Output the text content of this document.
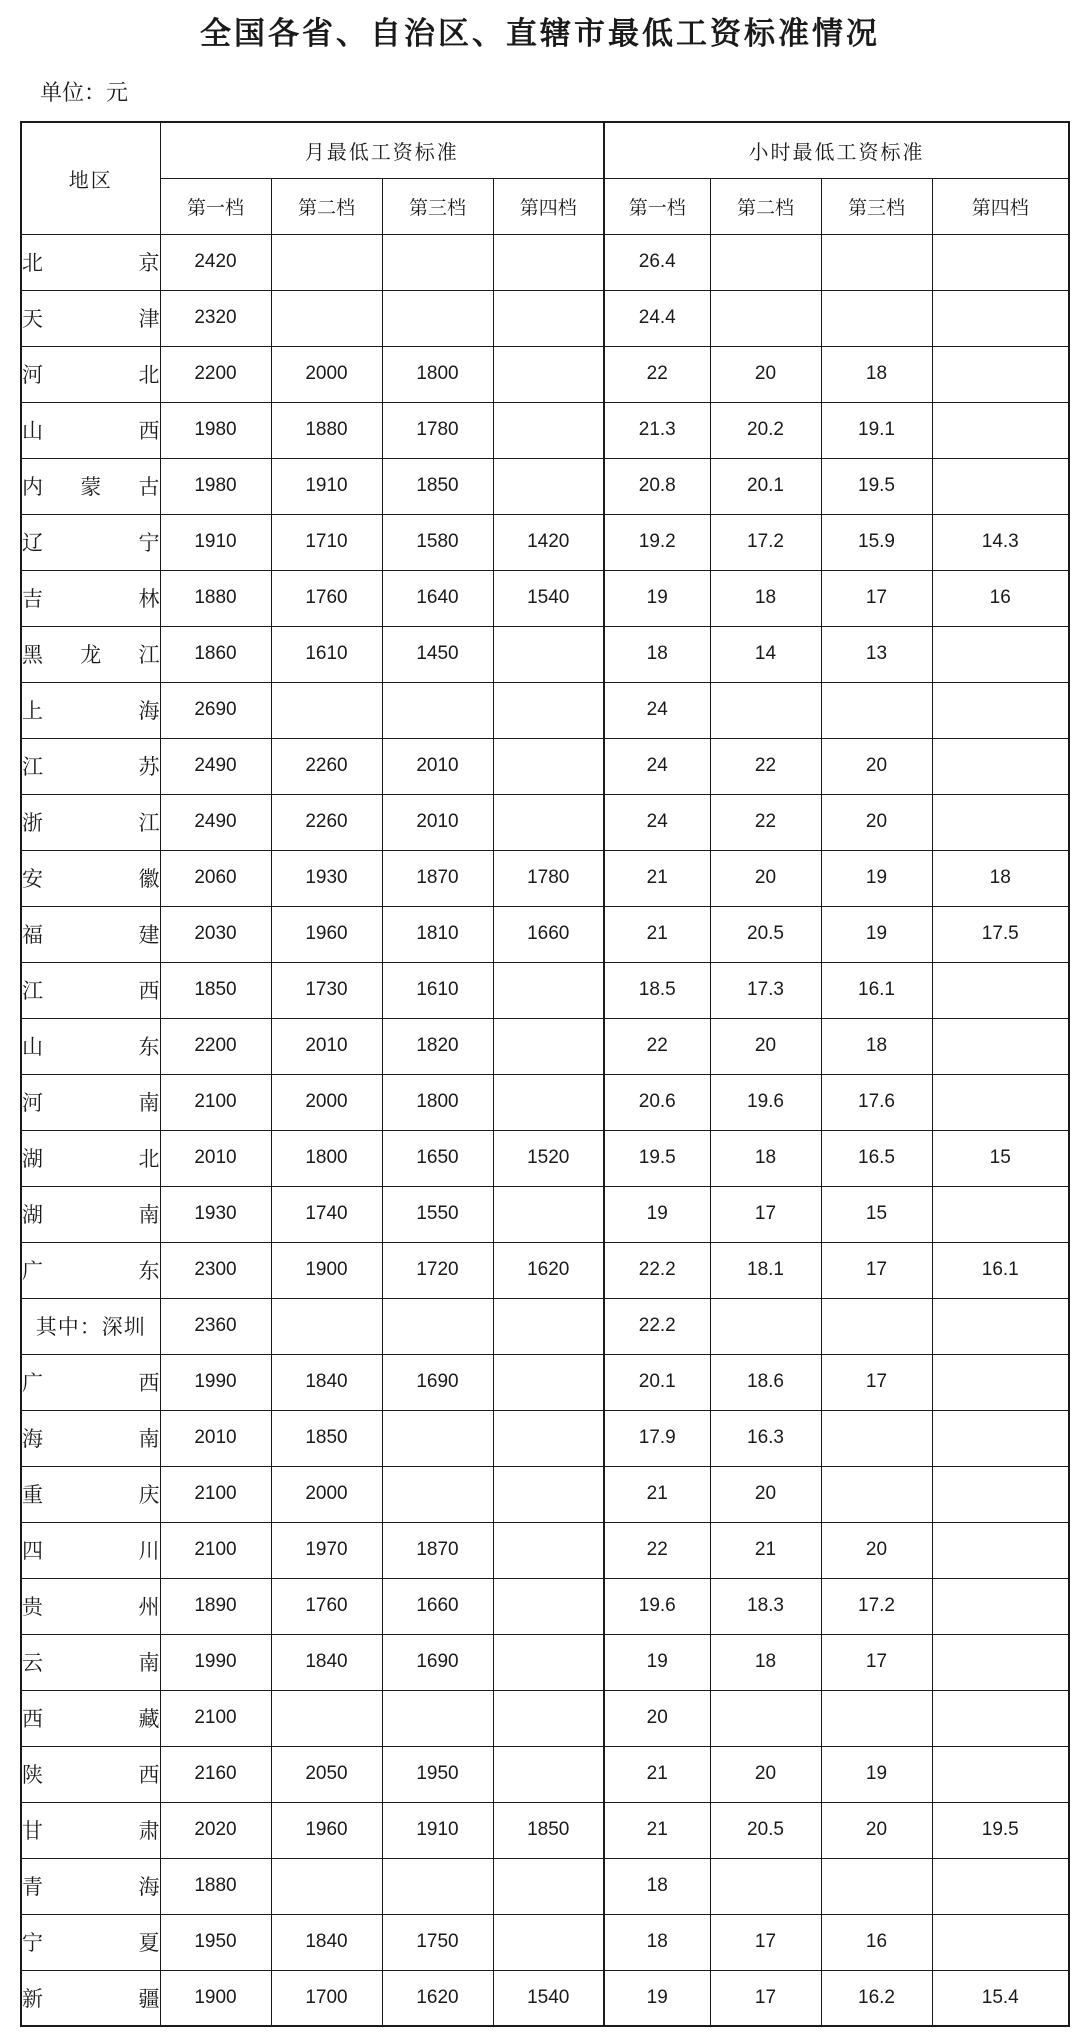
全国各省、自治区、直辖市最低工资标准情况
单位：元
地区	月最低工资标准				小时最低工资标准			
	第一档	第二档	第三档	第四档	第一档	第二档	第三档	第四档
北京	2420				26.4			
天津	2320				24.4			
河北	2200	2000	1800		22	20	18	
山西	1980	1880	1780		21.3	20.2	19.1	
内蒙古	1980	1910	1850		20.8	20.1	19.5	
辽宁	1910	1710	1580	1420	19.2	17.2	15.9	14.3
吉林	1880	1760	1640	1540	19	18	17	16
黑龙江	1860	1610	1450		18	14	13	
上海	2690				24			
江苏	2490	2260	2010		24	22	20	
浙江	2490	2260	2010		24	22	20	
安徽	2060	1930	1870	1780	21	20	19	18
福建	2030	1960	1810	1660	21	20.5	19	17.5
江西	1850	1730	1610		18.5	17.3	16.1	
山东	2200	2010	1820		22	20	18	
河南	2100	2000	1800		20.6	19.6	17.6	
湖北	2010	1800	1650	1520	19.5	18	16.5	15
湖南	1930	1740	1550		19	17	15	
广东	2300	1900	1720	1620	22.2	18.1	17	16.1
其中：深圳	2360				22.2			
广西	1990	1840	1690		20.1	18.6	17	
海南	2010	1850			17.9	16.3		
重庆	2100	2000			21	20		
四川	2100	1970	1870		22	21	20	
贵州	1890	1760	1660		19.6	18.3	17.2	
云南	1990	1840	1690		19	18	17	
西藏	2100				20			
陕西	2160	2050	1950		21	20	19	
甘肃	2020	1960	1910	1850	21	20.5	20	19.5
青海	1880				18			
宁夏	1950	1840	1750		18	17	16	
新疆	1900	1700	1620	1540	19	17	16.2	15.4
